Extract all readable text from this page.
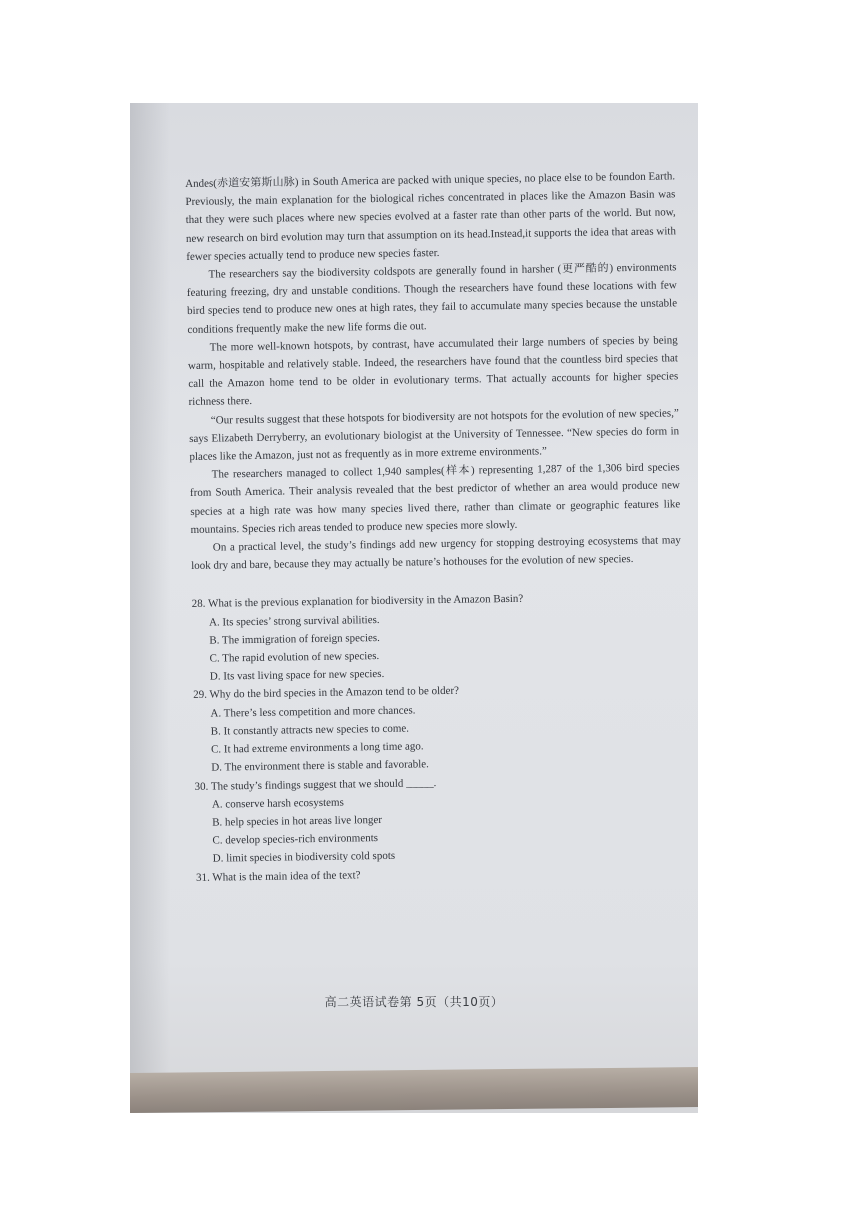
高二英语试卷第 5页（共10页）

Andes(赤道安第斯山脉) in South America are packed with unique species, no place else to be foundon Earth. Previously, the main explanation for the biological riches concentrated in places like the Amazon Basin was that they were such places where new species evolved at a faster rate than other parts of the world. But now, new research on bird evolution may turn that assumption on its head.Instead,it supports the idea that areas with fewer species actually tend to produce new species faster.

The researchers say the biodiversity coldspots are generally found in harsher (更严酷的) environments featuring freezing, dry and unstable conditions. Though the researchers have found these locations with few bird species tend to produce new ones at high rates, they fail to accumulate many species because the unstable conditions frequently make the new life forms die out.

The more well-known hotspots, by contrast, have accumulated their large numbers of species by being warm, hospitable and relatively stable. Indeed, the researchers have found that the countless bird species that call the Amazon home tend to be older in evolutionary terms. That actually accounts for higher species richness there.

“Our results suggest that these hotspots for biodiversity are not hotspots for the evolution of new species,” says Elizabeth Derryberry, an evolutionary biologist at the University of Tennessee. “New species do form in places like the Amazon, just not as frequently as in more extreme environments.”

The researchers managed to collect 1,940 samples(样本) representing 1,287 of the 1,306 bird species from South America. Their analysis revealed that the best predictor of whether an area would produce new species at a high rate was how many species lived there, rather than climate or geographic features like mountains. Species rich areas tended to produce new species more slowly.

On a practical level, the study’s findings add new urgency for stopping destroying ecosystems that may look dry and bare, because they may actually be nature’s hothouses for the evolution of new species.

28. What is the previous explanation for biodiversity in the Amazon Basin?

A. Its species’ strong survival abilities.

B. The immigration of foreign species.

C. The rapid evolution of new species.

D. Its vast living space for new species.

29. Why do the bird species in the Amazon tend to be older?

A. There’s less competition and more chances.

B. It constantly attracts new species to come.

C. It had extreme environments a long time ago.

D. The environment there is stable and favorable.

30. The study’s findings suggest that we should _____.

A. conserve harsh ecosystems

B. help species in hot areas live longer

C. develop species-rich environments

D. limit species in biodiversity cold spots

31. What is the main idea of the text?
